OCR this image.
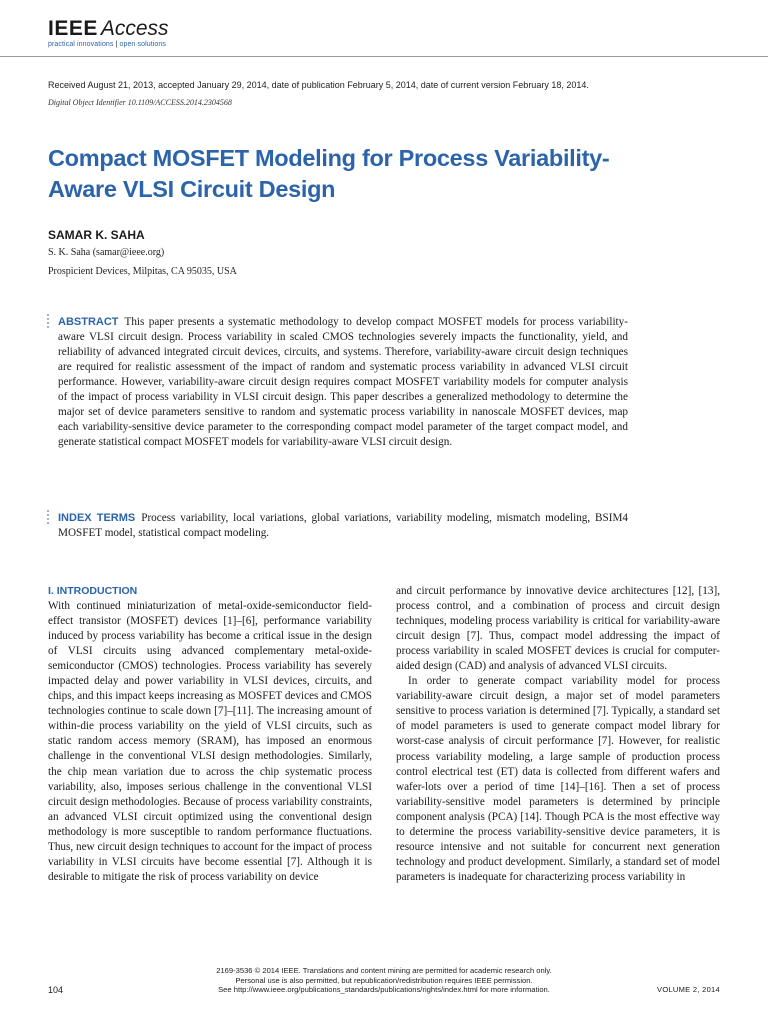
IEEE Access
practical innovations | open solutions
Received August 21, 2013, accepted January 29, 2014, date of publication February 5, 2014, date of current version February 18, 2014.
Digital Object Identifier 10.1109/ACCESS.2014.2304568
Compact MOSFET Modeling for Process Variability-Aware VLSI Circuit Design
SAMAR K. SAHA
S. K. Saha (samar@ieee.org)
Prospicient Devices, Milpitas, CA 95035, USA
ABSTRACT This paper presents a systematic methodology to develop compact MOSFET models for process variability-aware VLSI circuit design. Process variability in scaled CMOS technologies severely impacts the functionality, yield, and reliability of advanced integrated circuit devices, circuits, and systems. Therefore, variability-aware circuit design techniques are required for realistic assessment of the impact of random and systematic process variability in advanced VLSI circuit performance. However, variability-aware circuit design requires compact MOSFET variability models for computer analysis of the impact of process variability in VLSI circuit design. This paper describes a generalized methodology to determine the major set of device parameters sensitive to random and systematic process variability in nanoscale MOSFET devices, map each variability-sensitive device parameter to the corresponding compact model parameter of the target compact model, and generate statistical compact MOSFET models for variability-aware VLSI circuit design.
INDEX TERMS Process variability, local variations, global variations, variability modeling, mismatch modeling, BSIM4 MOSFET model, statistical compact modeling.
I. INTRODUCTION

With continued miniaturization of metal-oxide-semiconductor field-effect transistor (MOSFET) devices [1]–[6], performance variability induced by process variability has become a critical issue in the design of VLSI circuits using advanced complementary metal-oxide-semiconductor (CMOS) technologies. Process variability has severely impacted delay and power variability in VLSI devices, circuits, and chips, and this impact keeps increasing as MOSFET devices and CMOS technologies continue to scale down [7]–[11]. The increasing amount of within-die process variability on the yield of VLSI circuits, such as static random access memory (SRAM), has imposed an enormous challenge in the conventional VLSI design methodologies. Similarly, the chip mean variation due to across the chip systematic process variability, also, imposes serious challenge in the conventional VLSI circuit design methodologies. Because of process variability constraints, an advanced VLSI circuit optimized using the conventional design methodology is more susceptible to random performance fluctuations. Thus, new circuit design techniques to account for the impact of process variability in VLSI circuits have become essential [7]. Although it is desirable to mitigate the risk of process variability on device

and circuit performance by innovative device architectures [12], [13], process control, and a combination of process and circuit design techniques, modeling process variability is critical for variability-aware circuit design [7]. Thus, compact model addressing the impact of process variability in scaled MOSFET devices is crucial for computer-aided design (CAD) and analysis of advanced VLSI circuits.

In order to generate compact variability model for process variability-aware circuit design, a major set of model parameters sensitive to process variation is determined [7]. Typically, a standard set of model parameters is used to generate compact model library for worst-case analysis of circuit performance [7]. However, for realistic process variability modeling, a large sample of production process control electrical test (ET) data is collected from different wafers and wafer-lots over a period of time [14]–[16]. Then a set of process variability-sensitive model parameters is determined by principle component analysis (PCA) [14]. Though PCA is the most effective way to determine the process variability-sensitive device parameters, it is resource intensive and not suitable for concurrent next generation technology and product development. Similarly, a standard set of model parameters is inadequate for characterizing process variability in

2169-3536 © 2014 IEEE. Translations and content mining are permitted for academic research only.
Personal use is also permitted, but republication/redistribution requires IEEE permission.
See http://www.ieee.org/publications_standards/publications/rights/index.html for more information.
104	VOLUME 2, 2014
